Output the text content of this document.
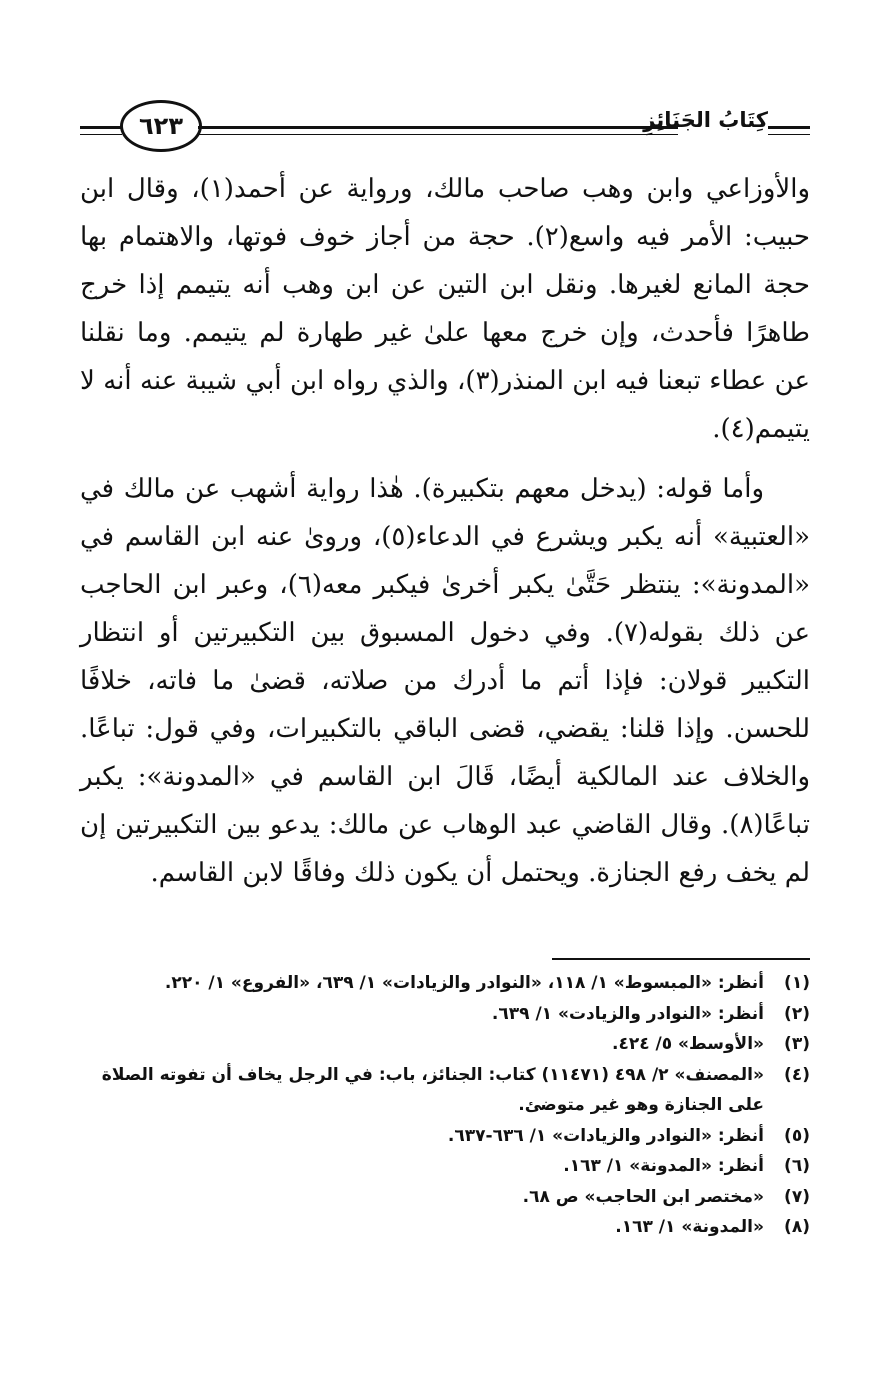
٦٢٣	كِتَابُ الجَنَائِزِ

والأوزاعي وابن وهب صاحب مالك، ورواية عن أحمد(١)، وقال ابن حبيب: الأمر فيه واسع(٢). حجة من أجاز خوف فوتها، والاهتمام بها حجة المانع لغيرها. ونقل ابن التين عن ابن وهب أنه يتيمم إذا خرج طاهرًا فأحدث، وإن خرج معها علىٰ غير طهارة لم يتيمم. وما نقلنا عن عطاء تبعنا فيه ابن المنذر(٣)، والذي رواه ابن أبي شيبة عنه أنه لا يتيمم(٤).

وأما قوله: (يدخل معهم بتكبيرة). هٰذا رواية أشهب عن مالك في «العتبية» أنه يكبر ويشرع في الدعاء(٥)، وروىٰ عنه ابن القاسم في «المدونة»: ينتظر حَتَّىٰ يكبر أخرىٰ فيكبر معه(٦)، وعبر ابن الحاجب عن ذلك بقوله(٧). وفي دخول المسبوق بين التكبيرتين أو انتظار التكبير قولان: فإذا أتم ما أدرك من صلاته، قضىٰ ما فاته، خلافًا للحسن. وإذا قلنا: يقضي، قضى الباقي بالتكبيرات، وفي قول: تباعًا. والخلاف عند المالكية أيضًا، قَالَ ابن القاسم في «المدونة»: يكبر تباعًا(٨). وقال القاضي عبد الوهاب عن مالك: يدعو بين التكبيرتين إن لم يخف رفع الجنازة. ويحتمل أن يكون ذلك وفاقًا لابن القاسم.

(١)
أنظر: «المبسوط» ١/ ١١٨، «النوادر والزيادات» ١/ ٦٣٩، «الفروع» ١/ ٢٢٠.
(٢)
أنظر: «النوادر والزيادت» ١/ ٦٣٩.
(٣)
«الأوسط» ٥/ ٤٢٤.
(٤)
«المصنف» ٢/ ٤٩٨ (١١٤٧١) كتاب: الجنائز، باب: في الرجل يخاف أن تفوته الصلاة على الجنازة وهو غير متوضئ.
(٥)
أنظر: «النوادر والزيادات» ١/ ٦٣٦-٦٣٧.
(٦)
أنظر: «المدونة» ١/ ١٦٣.
(٧)
«مختصر ابن الحاجب» ص ٦٨.
(٨)
«المدونة» ١/ ١٦٣.
